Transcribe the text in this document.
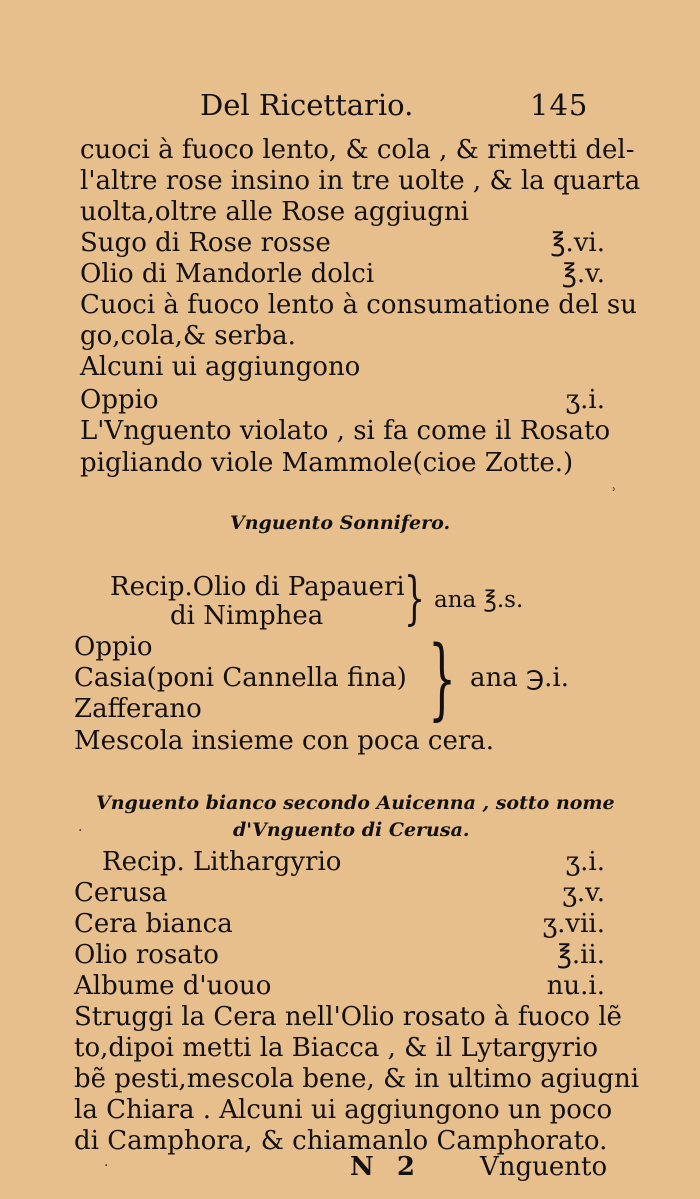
Del Ricettario.	145
cuoci à fuoco lento, & cola , & rimetti del-
l'altre rose insino in tre uolte , & la quarta
uolta,oltre alle Rose aggiugni
Sugo di Rose rosse	℥.vi.
Olio di Mandorle dolci	℥.v.
Cuoci à fuoco lento à consumatione del su
go,cola,& serba.
Alcuni ui aggiungono
Oppio	ʒ.i.
L'Vnguento violato , si fa come il Rosato
pigliando viole Mammole(cioe Zotte.)
ʾ
Vnguento Sonnifero.
Recip.Olio di Papaueri
di Nimphea	} ana ℥.s.
Oppio
Casia(poni Cannella fina)
Zafferano	} ana ℈.i.
Mescola insieme con poca cera.
Vnguento bianco secondo Auicenna , sotto nome
d'Vnguento di Cerusa.
·
Recip. Lithargyrio	ʒ.i.
Cerusa	ʒ.v.
Cera bianca	ʒ.vii.
Olio rosato	℥.ii.
Albume d'uouo	nu.i.
Struggi la Cera nell'Olio rosato à fuoco lẽ
to,dipoi metti la Biacca , & il Lytargyrio
bẽ pesti,mescola bene, & in ultimo agiugni
la Chiara . Alcuni ui aggiungono un poco
di Camphora, & chiamanlo Camphorato.
N 2	Vnguento
·
